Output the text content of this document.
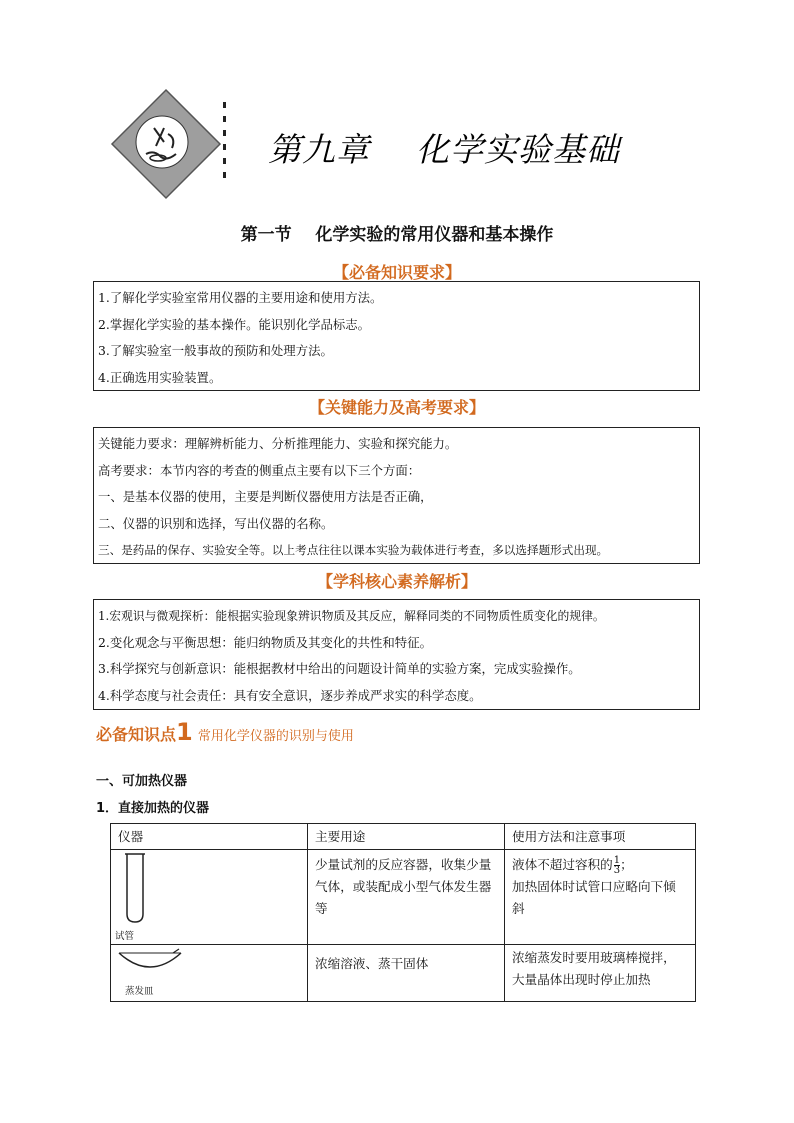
第九章    化学实验基础
第一节    化学实验的常用仪器和基本操作
【必备知识要求】
1.了解化学实验室常用仪器的主要用途和使用方法。
2.掌握化学实验的基本操作。能识别化学品标志。
3.了解实验室一般事故的预防和处理方法。
4.正确选用实验装置。
【关键能力及高考要求】
关键能力要求：理解辨析能力、分析推理能力、实验和探究能力。
高考要求：本节内容的考查的侧重点主要有以下三个方面：
一、是基本仪器的使用，主要是判断仪器使用方法是否正确，
二、仪器的识别和选择，写出仪器的名称。
三、是药品的保存、实验安全等。以上考点往往以课本实验为载体进行考查，多以选择题形式出现。
【学科核心素养解析】
1.宏观识与微观探析：能根据实验现象辨识物质及其反应，解释同类的不同物质性质变化的规律。
2.变化观念与平衡思想：能归纳物质及其变化的共性和特征。
3.科学探究与创新意识：能根据教材中给出的问题设计简单的实验方案，完成实验操作。
4.科学态度与社会责任：具有安全意识，逐步养成严求实的科学态度。
必备知识点1 常用化学仪器的识别与使用
一、可加热仪器
1．直接加热的仪器
仪器	主要用途	使用方法和注意事项

试管	少量试剂的反应容器，收集少量气体，或装配成小型气体发生器等	液体不超过容积的 $\frac{1}{3}$ ；
加热固体时试管口应略向下倾斜

蒸发皿	浓缩溶液、蒸干固体	浓缩蒸发时要用玻璃棒搅拌，大量晶体出现时停止加热
